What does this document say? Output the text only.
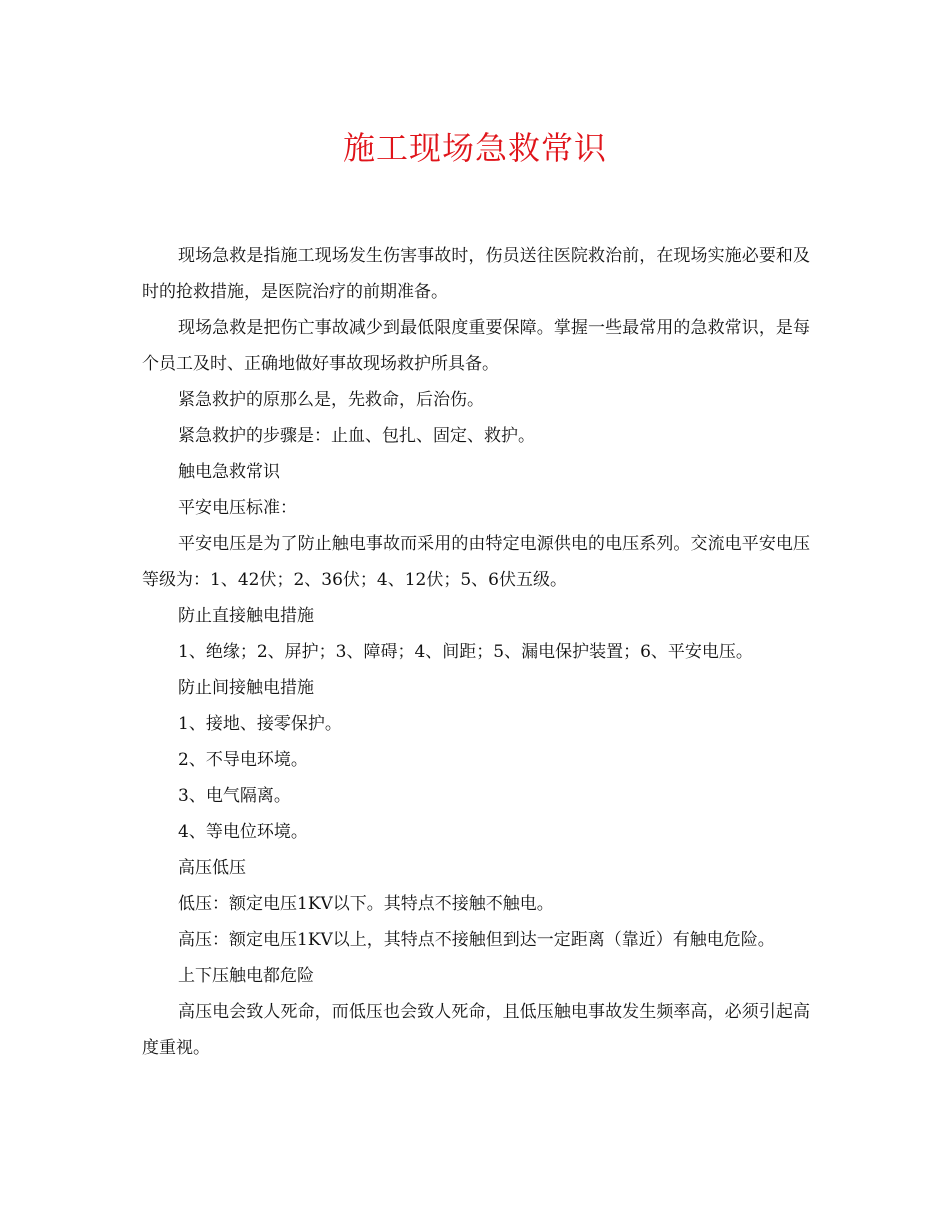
施工现场急救常识

现场急救是指施工现场发生伤害事故时，伤员送往医院救治前，在现场实施必要和及时的抢救措施，是医院治疗的前期准备。

现场急救是把伤亡事故减少到最低限度重要保障。掌握一些最常用的急救常识，是每个员工及时、正确地做好事故现场救护所具备。

紧急救护的原那么是，先救命，后治伤。

紧急救护的步骤是：止血、包扎、固定、救护。

触电急救常识

平安电压标准：

平安电压是为了防止触电事故而采用的由特定电源供电的电压系列。交流电平安电压等级为：1、42伏；2、36伏；4、12伏；5、6伏五级。

防止直接触电措施

1、绝缘；2、屏护；3、障碍；4、间距；5、漏电保护装置；6、平安电压。

防止间接触电措施

1、接地、接零保护。

2、不导电环境。

3、电气隔离。

4、等电位环境。

高压低压

低压：额定电压1KV以下。其特点不接触不触电。

高压：额定电压1KV以上，其特点不接触但到达一定距离（靠近）有触电危险。

上下压触电都危险

高压电会致人死命，而低压也会致人死命，且低压触电事故发生频率高，必须引起高度重视。
